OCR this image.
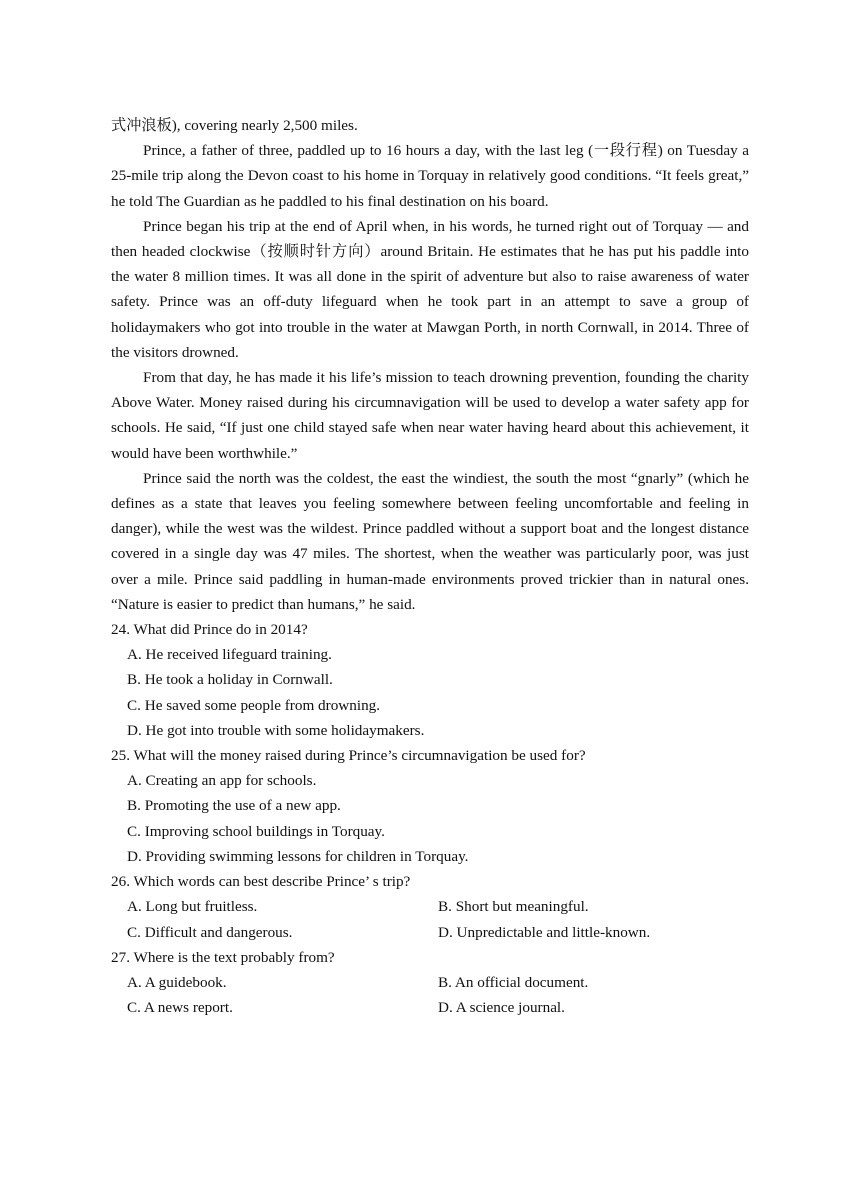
式冲浪板), covering nearly 2,500 miles.

Prince, a father of three, paddled up to 16 hours a day, with the last leg (一段行程) on Tuesday a 25-mile trip along the Devon coast to his home in Torquay in relatively good conditions. “It feels great,” he told The Guardian as he paddled to his final destination on his board.

Prince began his trip at the end of April when, in his words, he turned right out of Torquay — and then headed clockwise（按顺时针方向）around Britain. He estimates that he has put his paddle into the water 8 million times. It was all done in the spirit of adventure but also to raise awareness of water safety. Prince was an off-duty lifeguard when he took part in an attempt to save a group of holidaymakers who got into trouble in the water at Mawgan Porth, in north Cornwall, in 2014. Three of the visitors drowned.

From that day, he has made it his life’s mission to teach drowning prevention, founding the charity Above Water. Money raised during his circumnavigation will be used to develop a water safety app for schools. He said, “If just one child stayed safe when near water having heard about this achievement, it would have been worthwhile.”

Prince said the north was the coldest, the east the windiest, the south the most “gnarly” (which he defines as a state that leaves you feeling somewhere between feeling uncomfortable and feeling in danger), while the west was the wildest. Prince paddled without a support boat and the longest distance covered in a single day was 47 miles. The shortest, when the weather was particularly poor, was just over a mile. Prince said paddling in human-made environments proved trickier than in natural ones. “Nature is easier to predict than humans,” he said.

24. What did Prince do in 2014?

A. He received lifeguard training.

B. He took a holiday in Cornwall.

C. He saved some people from drowning.

D. He got into trouble with some holidaymakers.

25. What will the money raised during Prince’s circumnavigation be used for?

A. Creating an app for schools.

B. Promoting the use of a new app.

C. Improving school buildings in Torquay.

D. Providing swimming lessons for children in Torquay.

26. Which words can best describe Prince’ s trip?

A. Long but fruitless.	B. Short but meaningful.
C. Difficult and dangerous.	D. Unpredictable and little-known.

27. Where is the text probably from?

A. A guidebook.	B. An official document.
C. A news report.	D. A science journal.
